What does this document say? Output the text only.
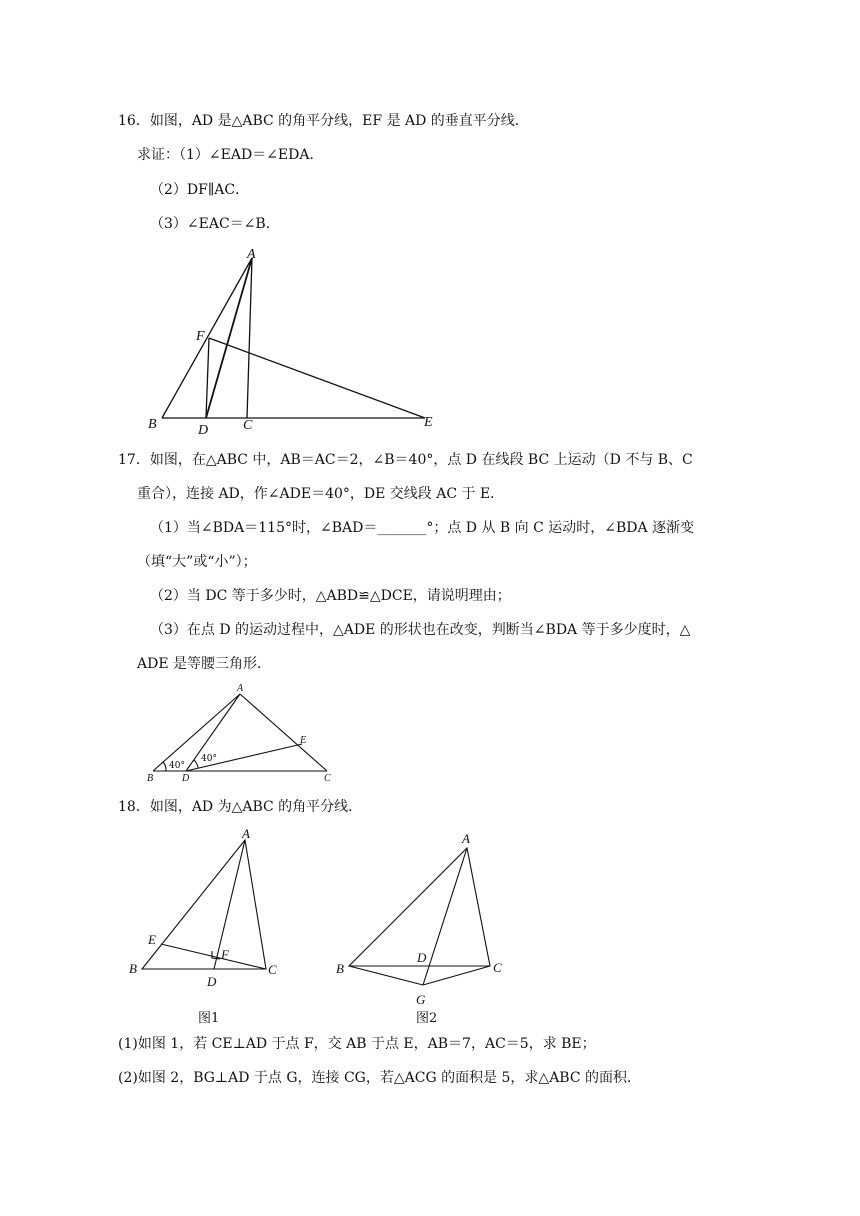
16．如图，AD 是△ABC 的角平分线，EF 是 AD 的垂直平分线．
求证：（1）∠EAD＝∠EDA．
（2）DF∥AC．
（3）∠EAC＝∠B．
A
F
B	D C	E
17．如图，在△ABC 中，AB＝AC＝2，∠B＝40°，点 D 在线段 BC 上运动（D 不与 B、C
重合），连接 AD，作∠ADE＝40°，DE 交线段 AC 于 E．
（1）当∠BDA＝115°时，∠BAD＝_______°；点 D 从 B 向 C 运动时，∠BDA 逐渐变
（填“大”或“小”）；
（2）当 DC 等于多少时，△ABD≌△DCE，请说明理由；
（3）在点 D 的运动过程中，△ADE 的形状也在改变，判断当∠BDA 等于多少度时，△
ADE 是等腰三角形．
A
E
B	D	C
40°
40°
18．如图，AD 为△ABC 的角平分线．
A
E
F
B	C
D
图1
A
D
B	C
G
图2
(1)如图 1，若 CE⊥AD 于点 F，交 AB 于点 E，AB＝7，AC＝5，求 BE；
(2)如图 2，BG⊥AD 于点 G，连接 CG，若△ACG 的面积是 5，求△ABC 的面积．
